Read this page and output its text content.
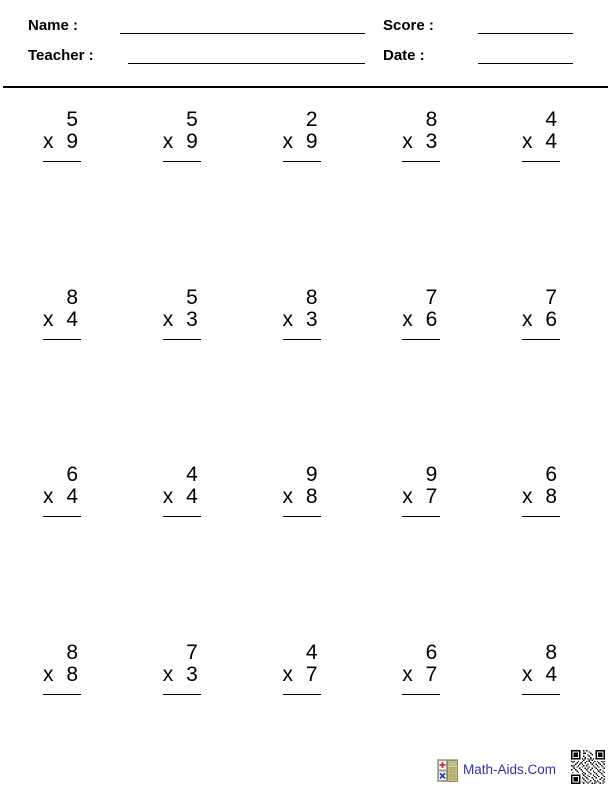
Name :	Score :
Teacher :	Date :
5
x 9
5
x 9
2
x 9
8
x 3
4
x 4
8
x 4
5
x 3
8
x 3
7
x 6
7
x 6
6
x 4
4
x 4
9
x 8
9
x 7
6
x 8
8
x 8
7
x 3
4
x 7
6
x 7
8
x 4
Math-Aids.Com
